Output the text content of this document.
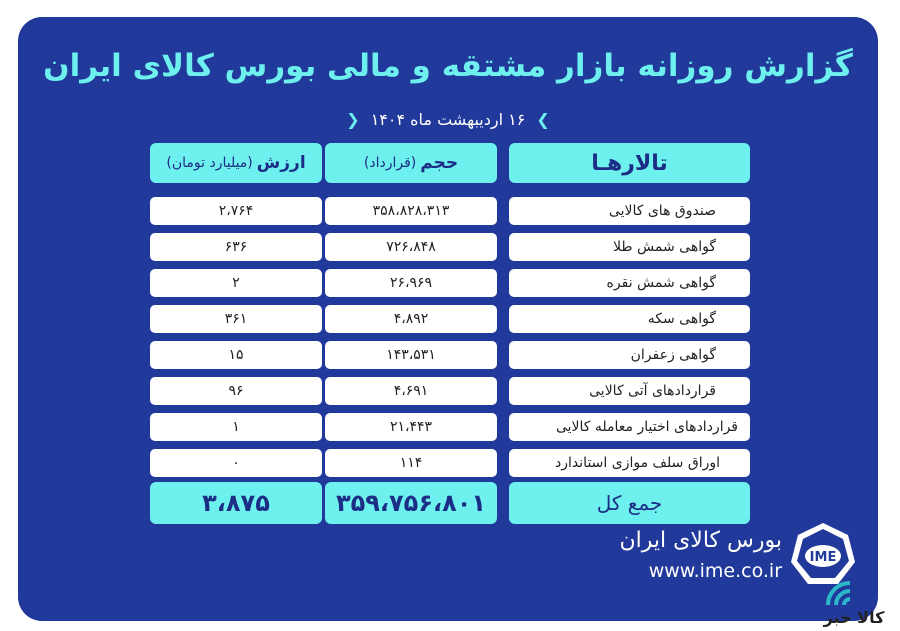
گزارش روزانه بازار مشتقه و مالی بورس کالای ایران
❯ ۱۶ اردیبهشت ماه ۱۴۰۴ ❮
تالارهـا
حجم
(قرارداد)
ارزش
(میلیارد تومان)
صندوق های کالایی
۳۵۸،۸۲۸،۳۱۳
۲،۷۶۴
گواهی شمش طلا
۷۲۶،۸۴۸
۶۳۶
گواهی شمش نقره
۲۶،۹۶۹
۲
گواهی سکه
۴،۸۹۲
۳۶۱
گواهی زعفران
۱۴۳،۵۳۱
۱۵
قراردادهای آتی کالایی
۴،۶۹۱
۹۶
قراردادهای اختیار معامله کالایی
۲۱،۴۴۳
۱
اوراق سلف موازی استاندارد
۱۱۴
۰
جمع کل
۳۵۹،۷۵۶،۸۰۱
۳،۸۷۵
بورس کالای ایران
www.ime.co.ir
IME
کالا خبر
